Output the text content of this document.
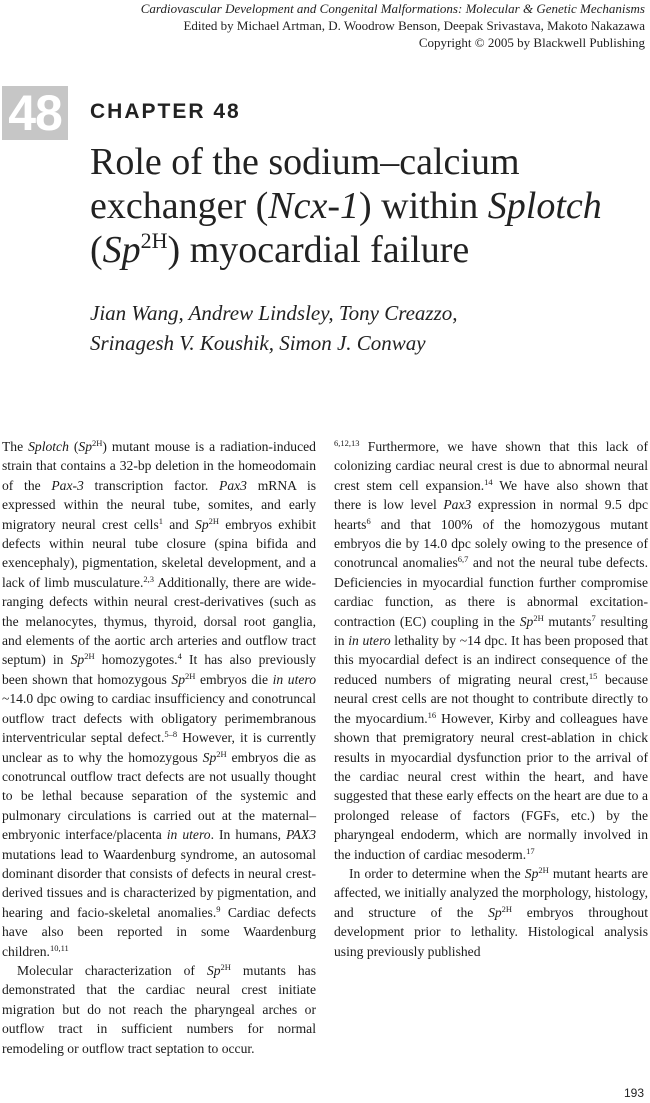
Cardiovascular Development and Congenital Malformations: Molecular & Genetic Mechanisms
Edited by Michael Artman, D. Woodrow Benson, Deepak Srivastava, Makoto Nakazawa
Copyright © 2005 by Blackwell Publishing
48 CHAPTER 48
Role of the sodium–calcium exchanger (Ncx-1) within Splotch
$(Sp^{2H})$ myocardial failure
Jian Wang, Andrew Lindsley, Tony Creazzo,
Srinagesh V. Koushik, Simon J. Conway

The Splotch $(Sp^{2H})$ mutant mouse is a radiation-induced strain that contains a 32-bp deletion in the homeodomain of the Pax-3 transcription factor. Pax3 mRNA is expressed within the neural tube, somites, and early migratory neural crest cells$^1$ and $Sp^{2H}$ embryos exhibit defects within neural tube closure (spina bifida and exencephaly), pigmentation, skeletal development, and a lack of limb musculature.$^{2,3}$ Additionally, there are wide-ranging defects within neural crest-derivatives (such as the melanocytes, thymus, thyroid, dorsal root ganglia, and elements of the aortic arch arteries and outflow tract septum) in $Sp^{2H}$ homozygotes.$^4$ It has also previously been shown that homozygous $Sp^{2H}$ embryos die in utero ~14.0 dpc owing to cardiac insufficiency and conotruncal outflow tract defects with obligatory perimembranous interventricular septal defect.$^{5-8}$ However, it is currently unclear as to why the homozygous $Sp^{2H}$ embryos die as conotruncal outflow tract defects are not usually thought to be lethal because separation of the systemic and pulmonary circulations is carried out at the maternal–embryonic interface/placenta in utero. In humans, PAX3 mutations lead to Waardenburg syndrome, an autosomal dominant disorder that consists of defects in neural crest-derived tissues and is characterized by pigmentation, and hearing and facio-skeletal anomalies.$^9$ Cardiac defects have also been reported in some Waardenburg children.$^{10,11}$

Molecular characterization of $Sp^{2H}$ mutants has demonstrated that the cardiac neural crest initiate migration but do not reach the pharyngeal arches or outflow tract in sufficient numbers for normal remodeling or outflow tract septation to occur.

$^{6,12,13}$ Furthermore, we have shown that this lack of colonizing cardiac neural crest is due to abnormal neural crest stem cell expansion.$^{14}$ We have also shown that there is low level Pax3 expression in normal 9.5 dpc hearts$^6$ and that 100% of the homozygous mutant embryos die by 14.0 dpc solely owing to the presence of conotruncal anomalies$^{6,7}$ and not the neural tube defects. Deficiencies in myocardial function further compromise cardiac function, as there is abnormal excitation-contraction (EC) coupling in the $Sp^{2H}$ mutants$^7$ resulting in in utero lethality by ~14 dpc. It has been proposed that this myocardial defect is an indirect consequence of the reduced numbers of migrating neural crest,$^{15}$ because neural crest cells are not thought to contribute directly to the myocardium.$^{16}$ However, Kirby and colleagues have shown that premigratory neural crest-ablation in chick results in myocardial dysfunction prior to the arrival of the cardiac neural crest within the heart, and have suggested that these early effects on the heart are due to a prolonged release of factors (FGFs, etc.) by the pharyngeal endoderm, which are normally involved in the induction of cardiac mesoderm.$^{17}$

In order to determine when the $Sp^{2H}$ mutant hearts are affected, we initially analyzed the morphology, histology, and structure of the $Sp^{2H}$ embryos throughout development prior to lethality. Histological analysis using previously published

193
